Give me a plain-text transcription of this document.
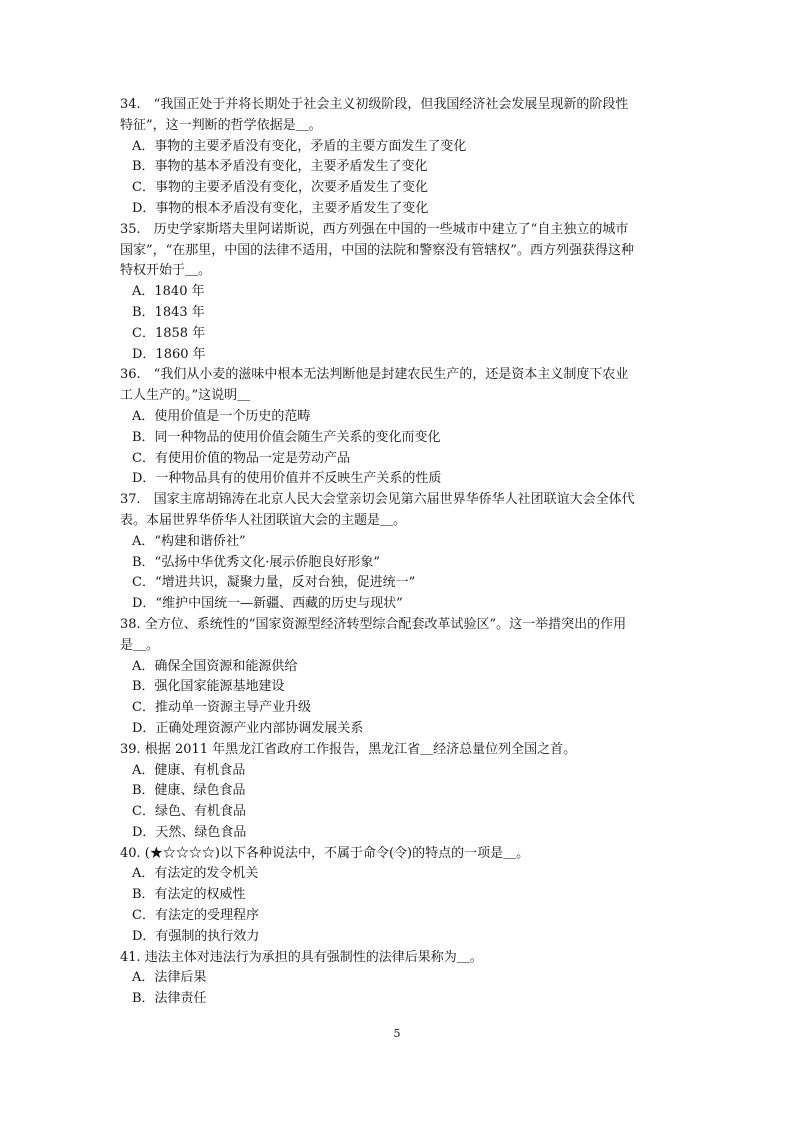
34.　“我国正处于并将长期处于社会主义初级阶段，但我国经济社会发展呈现新的阶段性
特征”，这一判断的哲学依据是＿。
A．事物的主要矛盾没有变化，矛盾的主要方面发生了变化
B．事物的基本矛盾没有变化，主要矛盾发生了变化
C．事物的主要矛盾没有变化，次要矛盾发生了变化
D．事物的根本矛盾没有变化，主要矛盾发生了变化
35.　历史学家斯塔夫里阿诺斯说，西方列强在中国的一些城市中建立了“自主独立的城市
国家”，“在那里，中国的法律不适用，中国的法院和警察没有管辖权”。西方列强获得这种
特权开始于＿。
A．1840 年
B．1843 年
C．1858 年
D．1860 年
36.　“我们从小麦的滋味中根本无法判断他是封建农民生产的，还是资本主义制度下农业
工人生产的。”这说明＿
A．使用价值是一个历史的范畴
B．同一种物品的使用价值会随生产关系的变化而变化
C．有使用价值的物品一定是劳动产品
D．一种物品具有的使用价值并不反映生产关系的性质
37.　国家主席胡锦涛在北京人民大会堂亲切会见第六届世界华侨华人社团联谊大会全体代
表。本届世界华侨华人社团联谊大会的主题是＿。
A．“构建和谐侨社”
B．“弘扬中华优秀文化·展示侨胞良好形象”
C．“增进共识，凝聚力量，反对台独，促进统一”
D．“维护中国统一—新疆、西藏的历史与现状”
38. 全方位、系统性的“国家资源型经济转型综合配套改革试验区”。这一举措突出的作用
是＿。
A．确保全国资源和能源供给
B．强化国家能源基地建设
C．推动单一资源主导产业升级
D．正确处理资源产业内部协调发展关系
39. 根据 2011 年黑龙江省政府工作报告，黑龙江省＿经济总量位列全国之首。
A．健康、有机食品
B．健康、绿色食品
C．绿色、有机食品
D．天然、绿色食品
40. (★☆☆☆☆)以下各种说法中，不属于命令(令)的特点的一项是＿。
A．有法定的发令机关
B．有法定的权威性
C．有法定的受理程序
D．有强制的执行效力
41. 违法主体对违法行为承担的具有强制性的法律后果称为＿。
A．法律后果
B．法律责任
5
